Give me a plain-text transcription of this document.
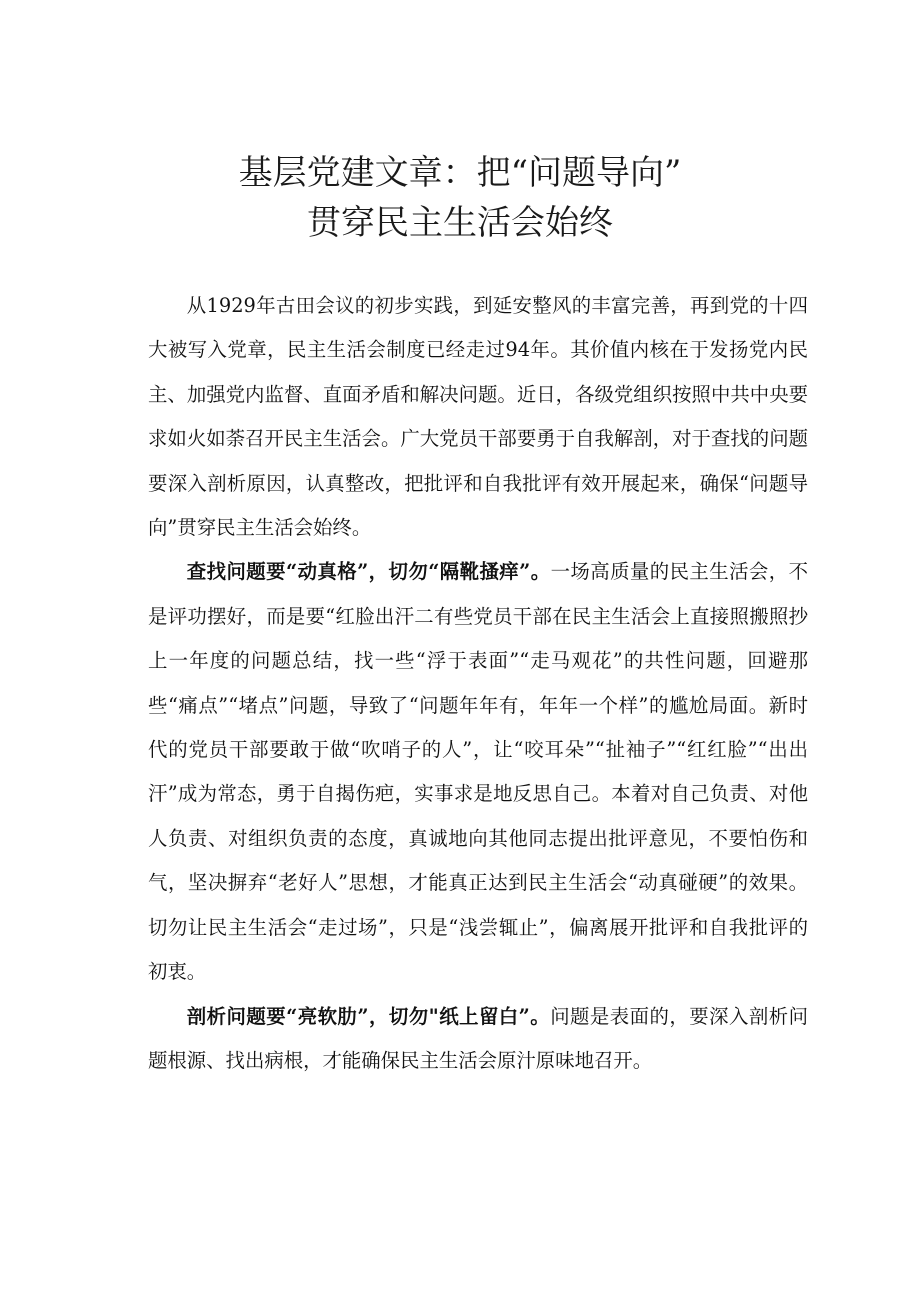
基层党建文章：把“问题导向”
贯穿民主生活会始终

从1929年古田会议的初步实践，到延安整风的丰富完善，再到党的十四大被写入党章，民主生活会制度已经走过94年。其价值内核在于发扬党内民主、加强党内监督、直面矛盾和解决问题。近日，各级党组织按照中共中央要求如火如荼召开民主生活会。广大党员干部要勇于自我解剖，对于查找的问题要深入剖析原因，认真整改，把批评和自我批评有效开展起来，确保“问题导向”贯穿民主生活会始终。

查找问题要“动真格”，切勿“隔靴搔痒”。一场高质量的民主生活会，不是评功摆好，而是要“红脸出汗二有些党员干部在民主生活会上直接照搬照抄上一年度的问题总结，找一些“浮于表面”“走马观花”的共性问题，回避那些“痛点”“堵点”问题，导致了“问题年年有，年年一个样”的尴尬局面。新时代的党员干部要敢于做“吹哨子的人”，让“咬耳朵”“扯袖子”“红红脸”“出出汗”成为常态，勇于自揭伤疤，实事求是地反思自己。本着对自己负责、对他人负责、对组织负责的态度，真诚地向其他同志提出批评意见，不要怕伤和气，坚决摒弃“老好人”思想，才能真正达到民主生活会“动真碰硬”的效果。切勿让民主生活会“走过场”，只是“浅尝辄止”，偏离展开批评和自我批评的初衷。

剖析问题要“亮软肋”，切勿"纸上留白”。问题是表面的，要深入剖析问题根源、找出病根，才能确保民主生活会原汁原味地召开。
